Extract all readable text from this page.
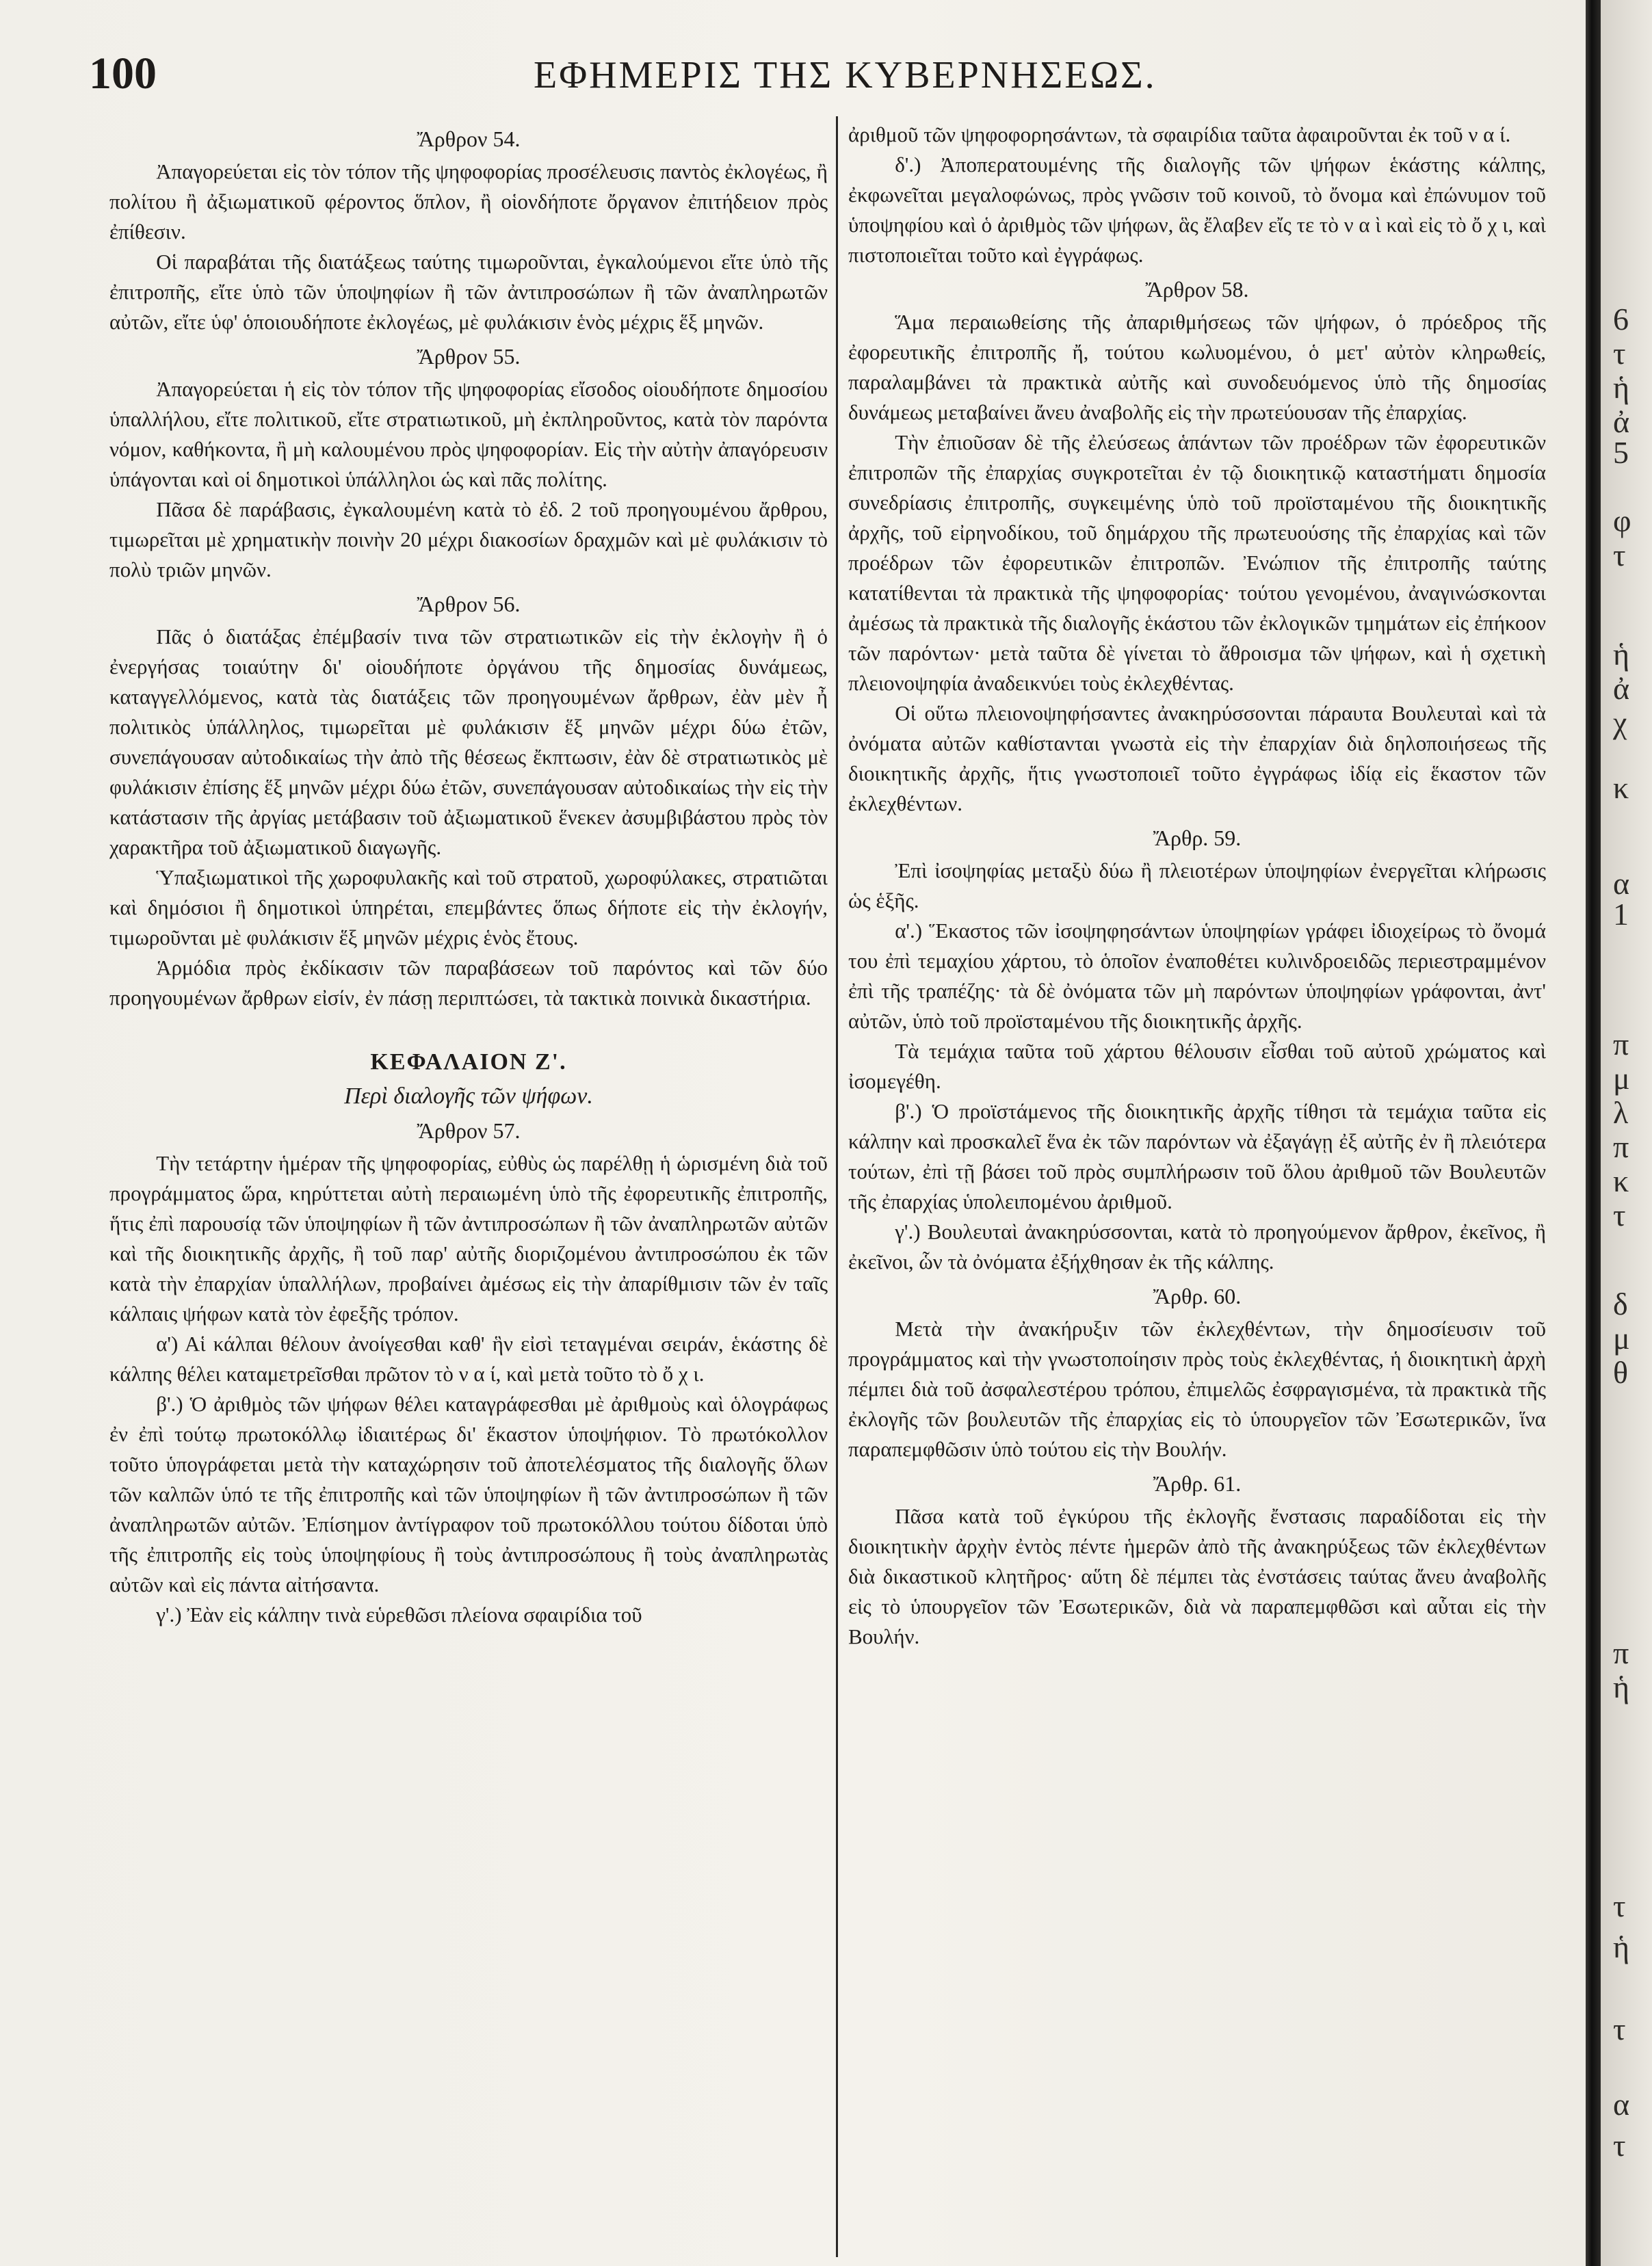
100	ΕΦΗΜΕΡΙΣ ΤΗΣ ΚΥΒΕΡΝΗΣΕΩΣ.
Ἄρθρον 54.

Ἀπαγορεύεται εἰς τὸν τόπον τῆς ψηφοφορίας προσέλευσις παντὸς ἐκλογέως, ἢ πολίτου ἢ ἀξιωματικοῦ φέροντος ὅπλον, ἢ οἱονδήποτε ὄργανον ἐπιτήδειον πρὸς ἐπίθεσιν.

Οἱ παραβάται τῆς διατάξεως ταύτης τιμωροῦνται, ἐγκαλούμενοι εἴτε ὑπὸ τῆς ἐπιτροπῆς, εἴτε ὑπὸ τῶν ὑποψηφίων ἢ τῶν ἀντιπροσώπων ἢ τῶν ἀναπληρωτῶν αὐτῶν, εἴτε ὑφ' ὁποιουδήποτε ἐκλογέως, μὲ φυλάκισιν ἑνὸς μέχρις ἕξ μηνῶν.

Ἄρθρον 55.

Ἀπαγορεύεται ἡ εἰς τὸν τόπον τῆς ψηφοφορίας εἴσοδος οἱουδήποτε δημοσίου ὑπαλλήλου, εἴτε πολιτικοῦ, εἴτε στρατιωτικοῦ, μὴ ἐκπληροῦντος, κατὰ τὸν παρόντα νόμον, καθήκοντα, ἢ μὴ καλουμένου πρὸς ψηφοφορίαν. Εἰς τὴν αὐτὴν ἀπαγόρευσιν ὑπάγονται καὶ οἱ δημοτικοὶ ὑπάλληλοι ὡς καὶ πᾶς πολίτης.

Πᾶσα δὲ παράβασις, ἐγκαλουμένη κατὰ τὸ ἐδ. 2 τοῦ προηγουμένου ἄρθρου, τιμωρεῖται μὲ χρηματικὴν ποινὴν 20 μέχρι διακοσίων δραχμῶν καὶ μὲ φυλάκισιν τὸ πολὺ τριῶν μηνῶν.

Ἄρθρον 56.

Πᾶς ὁ διατάξας ἐπέμβασίν τινα τῶν στρατιωτικῶν εἰς τὴν ἐκλογὴν ἢ ὁ ἐνεργήσας τοιαύτην δι' οἱουδήποτε ὀργάνου τῆς δημοσίας δυνάμεως, καταγγελλόμενος, κατὰ τὰς διατάξεις τῶν προηγουμένων ἄρθρων, ἐὰν μὲν ἦ πολιτικὸς ὑπάλληλος, τιμωρεῖται μὲ φυλάκισιν ἕξ μηνῶν μέχρι δύω ἐτῶν, συνεπάγουσαν αὐτοδικαίως τὴν ἀπὸ τῆς θέσεως ἔκπτωσιν, ἐὰν δὲ στρατιωτικὸς μὲ φυλάκισιν ἐπίσης ἕξ μηνῶν μέχρι δύω ἐτῶν, συνεπάγουσαν αὐτοδικαίως τὴν εἰς τὴν κατάστασιν τῆς ἀργίας μετάβασιν τοῦ ἀξιωματικοῦ ἕνεκεν ἀσυμβιβάστου πρὸς τὸν χαρακτῆρα τοῦ ἀξιωματικοῦ διαγωγῆς.

Ὑπαξιωματικοὶ τῆς χωροφυλακῆς καὶ τοῦ στρατοῦ, χωροφύλακες, στρατιῶται καὶ δημόσιοι ἢ δημοτικοὶ ὑπηρέται, επεμβάντες ὅπως δήποτε εἰς τὴν ἐκλογήν, τιμωροῦνται μὲ φυλάκισιν ἕξ μηνῶν μέχρις ἑνὸς ἔτους.

Ἁρμόδια πρὸς ἐκδίκασιν τῶν παραβάσεων τοῦ παρόντος καὶ τῶν δύο προηγουμένων ἄρθρων εἰσίν, ἐν πάσῃ περιπτώσει, τὰ τακτικὰ ποινικὰ δικαστήρια.

ΚΕΦΑΛΑΙΟΝ Ζ'.
Περὶ διαλογῆς τῶν ψήφων.
Ἄρθρον 57.

Τὴν τετάρτην ἡμέραν τῆς ψηφοφορίας, εὐθὺς ὡς παρέλθῃ ἡ ὡρισμένη διὰ τοῦ προγράμματος ὥρα, κηρύττεται αὐτὴ περαιωμένη ὑπὸ τῆς ἐφορευτικῆς ἐπιτροπῆς, ἥτις ἐπὶ παρουσίᾳ τῶν ὑποψηφίων ἢ τῶν ἀντιπροσώπων ἢ τῶν ἀναπληρωτῶν αὐτῶν καὶ τῆς διοικητικῆς ἀρχῆς, ἢ τοῦ παρ' αὐτῆς διοριζομένου ἀντιπροσώπου ἐκ τῶν κατὰ τὴν ἐπαρχίαν ὑπαλλήλων, προβαίνει ἀμέσως εἰς τὴν ἀπαρίθμισιν τῶν ἐν ταῖς κάλπαις ψήφων κατὰ τὸν ἐφεξῆς τρόπον.

α') Αἱ κάλπαι θέλουν ἀνοίγεσθαι καθ' ἣν εἰσὶ τεταγμέναι σειράν, ἑκάστης δὲ κάλπης θέλει καταμετρεῖσθαι πρῶτον τὸ ν α ί, καὶ μετὰ τοῦτο τὸ ὄ χ ι.

β'.) Ὁ ἀριθμὸς τῶν ψήφων θέλει καταγράφεσθαι μὲ ἀριθμοὺς καὶ ὁλογράφως ἐν ἐπὶ τούτῳ πρωτοκόλλῳ ἰδιαιτέρως δι' ἕκαστον ὑποψήφιον. Τὸ πρωτόκολλον τοῦτο ὑπογράφεται μετὰ τὴν καταχώρησιν τοῦ ἀποτελέσματος τῆς διαλογῆς ὅλων τῶν καλπῶν ὑπό τε τῆς ἐπιτροπῆς καὶ τῶν ὑποψηφίων ἢ τῶν ἀντιπροσώπων ἢ τῶν ἀναπληρωτῶν αὐτῶν. Ἐπίσημον ἀντίγραφον τοῦ πρωτοκόλλου τούτου δίδοται ὑπὸ τῆς ἐπιτροπῆς εἰς τοὺς ὑποψηφίους ἢ τοὺς ἀντιπροσώπους ἢ τοὺς ἀναπληρωτὰς αὐτῶν καὶ εἰς πάντα αἰτήσαντα.

γ'.) Ἐὰν εἰς κάλπην τινὰ εὑρεθῶσι πλείονα σφαιρίδια τοῦ

ἀριθμοῦ τῶν ψηφοφορησάντων, τὰ σφαιρίδια ταῦτα ἀφαιροῦνται ἐκ τοῦ ν α ί.

δ'.) Ἀποπερατουμένης τῆς διαλογῆς τῶν ψήφων ἑκάστης κάλπης, ἐκφωνεῖται μεγαλοφώνως, πρὸς γνῶσιν τοῦ κοινοῦ, τὸ ὄνομα καὶ ἐπώνυμον τοῦ ὑποψηφίου καὶ ὁ ἀριθμὸς τῶν ψήφων, ἃς ἔλαβεν εἴς τε τὸ ν α ὶ καὶ εἰς τὸ ὄ χ ι, καὶ πιστοποιεῖται τοῦτο καὶ ἐγγράφως.

Ἄρθρον 58.

Ἅμα περαιωθείσης τῆς ἀπαριθμήσεως τῶν ψήφων, ὁ πρόεδρος τῆς ἐφορευτικῆς ἐπιτροπῆς ἤ, τούτου κωλυομένου, ὁ μετ' αὐτὸν κληρωθείς, παραλαμβάνει τὰ πρακτικὰ αὐτῆς καὶ συνοδευόμενος ὑπὸ τῆς δημοσίας δυνάμεως μεταβαίνει ἄνευ ἀναβολῆς εἰς τὴν πρωτεύουσαν τῆς ἐπαρχίας.

Τὴν ἐπιοῦσαν δὲ τῆς ἐλεύσεως ἁπάντων τῶν προέδρων τῶν ἐφορευτικῶν ἐπιτροπῶν τῆς ἐπαρχίας συγκροτεῖται ἐν τῷ διοικητικῷ καταστήματι δημοσία συνεδρίασις ἐπιτροπῆς, συγκειμένης ὑπὸ τοῦ προϊσταμένου τῆς διοικητικῆς ἀρχῆς, τοῦ εἰρηνοδίκου, τοῦ δημάρχου τῆς πρωτευούσης τῆς ἐπαρχίας καὶ τῶν προέδρων τῶν ἐφορευτικῶν ἐπιτροπῶν. Ἐνώπιον τῆς ἐπιτροπῆς ταύτης κατατίθενται τὰ πρακτικὰ τῆς ψηφοφορίας· τούτου γενομένου, ἀναγινώσκονται ἀμέσως τὰ πρακτικὰ τῆς διαλογῆς ἑκάστου τῶν ἐκλογικῶν τμημάτων εἰς ἐπήκοον τῶν παρόντων· μετὰ ταῦτα δὲ γίνεται τὸ ἄθροισμα τῶν ψήφων, καὶ ἡ σχετικὴ πλειονοψηφία ἀναδεικνύει τοὺς ἐκλεχθέντας.

Οἱ οὕτω πλειονοψηφήσαντες ἀνακηρύσσονται πάραυτα Βουλευταὶ καὶ τὰ ὀνόματα αὐτῶν καθίστανται γνωστὰ εἰς τὴν ἐπαρχίαν διὰ δηλοποιήσεως τῆς διοικητικῆς ἀρχῆς, ἥτις γνωστοποιεῖ τοῦτο ἐγγράφως ἰδίᾳ εἰς ἕκαστον τῶν ἐκλεχθέντων.

Ἄρθρ. 59.

Ἐπὶ ἰσοψηφίας μεταξὺ δύω ἢ πλειοτέρων ὑποψηφίων ἐνεργεῖται κλήρωσις ὡς ἑξῆς.

α'.) Ἕκαστος τῶν ἰσοψηφησάντων ὑποψηφίων γράφει ἰδιοχείρως τὸ ὄνομά του ἐπὶ τεμαχίου χάρτου, τὸ ὁποῖον ἐναποθέτει κυλινδροειδῶς περιεστραμμένον ἐπὶ τῆς τραπέζης· τὰ δὲ ὀνόματα τῶν μὴ παρόντων ὑποψηφίων γράφονται, ἀντ' αὐτῶν, ὑπὸ τοῦ προϊσταμένου τῆς διοικητικῆς ἀρχῆς.

Τὰ τεμάχια ταῦτα τοῦ χάρτου θέλουσιν εἶσθαι τοῦ αὐτοῦ χρώματος καὶ ἰσομεγέθη.

β'.) Ὁ προϊστάμενος τῆς διοικητικῆς ἀρχῆς τίθησι τὰ τεμάχια ταῦτα εἰς κάλπην καὶ προσκαλεῖ ἕνα ἐκ τῶν παρόντων νὰ ἐξαγάγῃ ἐξ αὐτῆς ἐν ἢ πλειότερα τούτων, ἐπὶ τῇ βάσει τοῦ πρὸς συμπλήρωσιν τοῦ ὅλου ἀριθμοῦ τῶν Βουλευτῶν τῆς ἐπαρχίας ὑπολειπομένου ἀριθμοῦ.

γ'.) Βουλευταὶ ἀνακηρύσσονται, κατὰ τὸ προηγούμενον ἄρθρον, ἐκεῖνος, ἢ ἐκεῖνοι, ὧν τὰ ὀνόματα ἐξήχθησαν ἐκ τῆς κάλπης.

Ἄρθρ. 60.

Μετὰ τὴν ἀνακήρυξιν τῶν ἐκλεχθέντων, τὴν δημοσίευσιν τοῦ προγράμματος καὶ τὴν γνωστοποίησιν πρὸς τοὺς ἐκλεχθέντας, ἡ διοικητικὴ ἀρχὴ πέμπει διὰ τοῦ ἀσφαλεστέρου τρόπου, ἐπιμελῶς ἐσφραγισμένα, τὰ πρακτικὰ τῆς ἐκλογῆς τῶν βουλευτῶν τῆς ἐπαρχίας εἰς τὸ ὑπουργεῖον τῶν Ἐσωτερικῶν, ἵνα παραπεμφθῶσιν ὑπὸ τούτου εἰς τὴν Βουλήν.

Ἄρθρ. 61.

Πᾶσα κατὰ τοῦ ἐγκύρου τῆς ἐκλογῆς ἔνστασις παραδίδοται εἰς τὴν διοικητικὴν ἀρχὴν ἐντὸς πέντε ἡμερῶν ἀπὸ τῆς ἀνακηρύξεως τῶν ἐκλεχθέντων διὰ δικαστικοῦ κλητῆρος· αὕτη δὲ πέμπει τὰς ἐνστάσεις ταύτας ἄνευ ἀναβολῆς εἰς τὸ ὑπουργεῖον τῶν Ἐσωτερικῶν, διὰ νὰ παραπεμφθῶσι καὶ αὗται εἰς τὴν Βουλήν.

6
τ
ἡ
ἀ
5
φ
τ
ἡ
ἀ
χ
κ
α
1
π
μ
λ
π
κ
τ
δ
μ
θ
π
ἡ
τ
ἡ
τ
α
τ
